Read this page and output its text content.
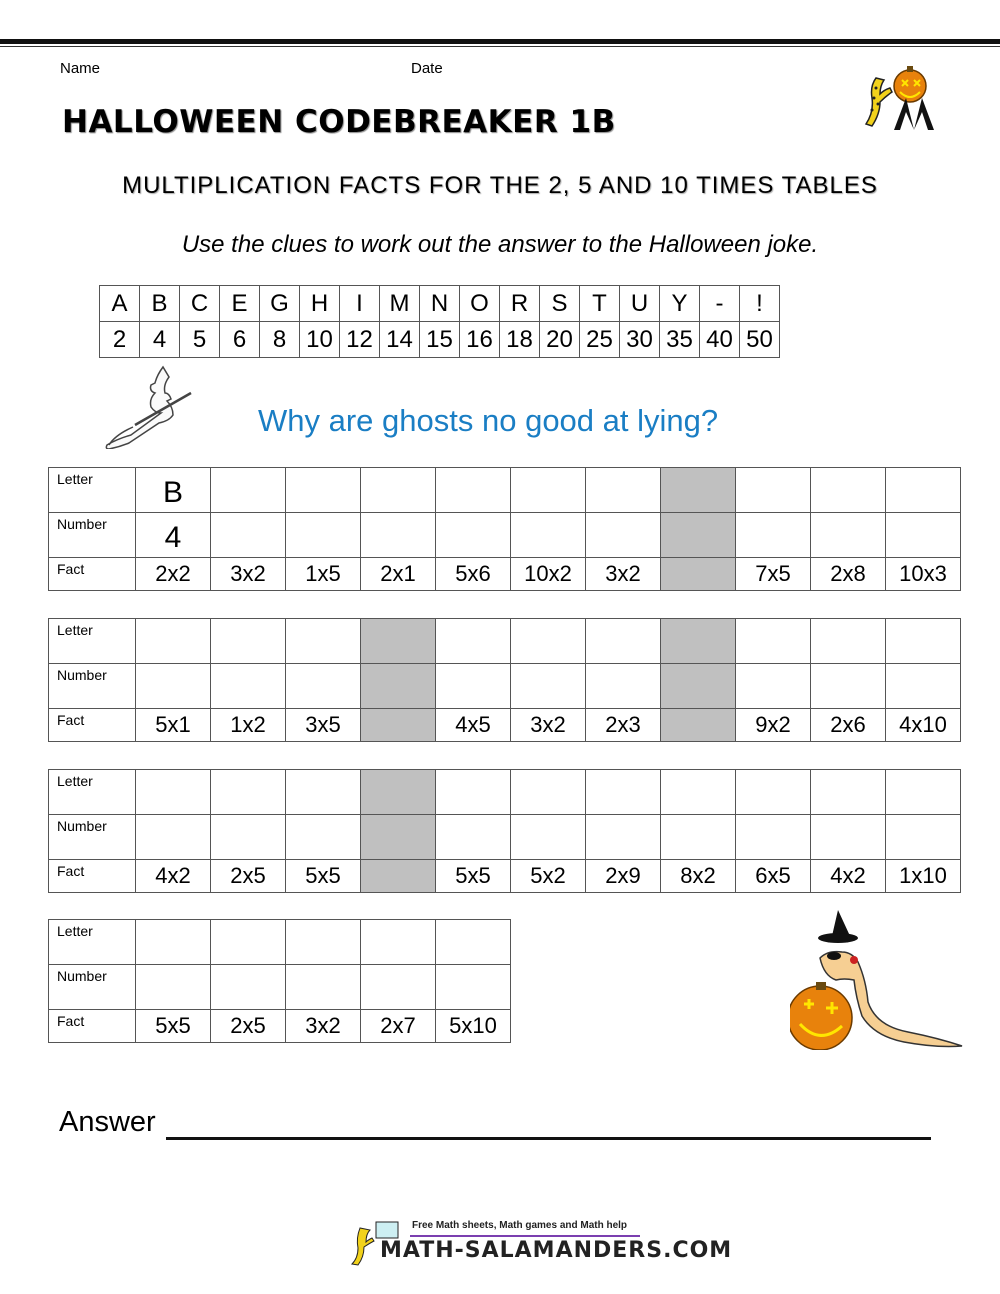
Name	Date
HALLOWEEN CODEBREAKER 1B
MULTIPLICATION FACTS FOR THE 2, 5 AND 10 TIMES TABLES
Use the clues to work out the answer to the Halloween joke.
A	B	C	E	G	H	I	M	N	O	R	S	T	U	Y	-	!
2	4	5	6	8	10	12	14	15	16	18	20	25	30	35	40	50
Why are ghosts no good at lying?
Letter	B										
Number	4										
Fact	2x2	3x2	1x5	2x1	5x6	10x2	3x2		7x5	2x8	10x3
Letter											
Number											
Fact	5x1	1x2	3x5		4x5	3x2	2x3		9x2	2x6	4x10
Letter											
Number											
Fact	4x2	2x5	5x5		5x5	5x2	2x9	8x2	6x5	4x2	1x10
Letter					
Number					
Fact	5x5	2x5	3x2	2x7	5x10
Answer
Free Math sheets, Math games and Math help
MATH-SALAMANDERS.COM
